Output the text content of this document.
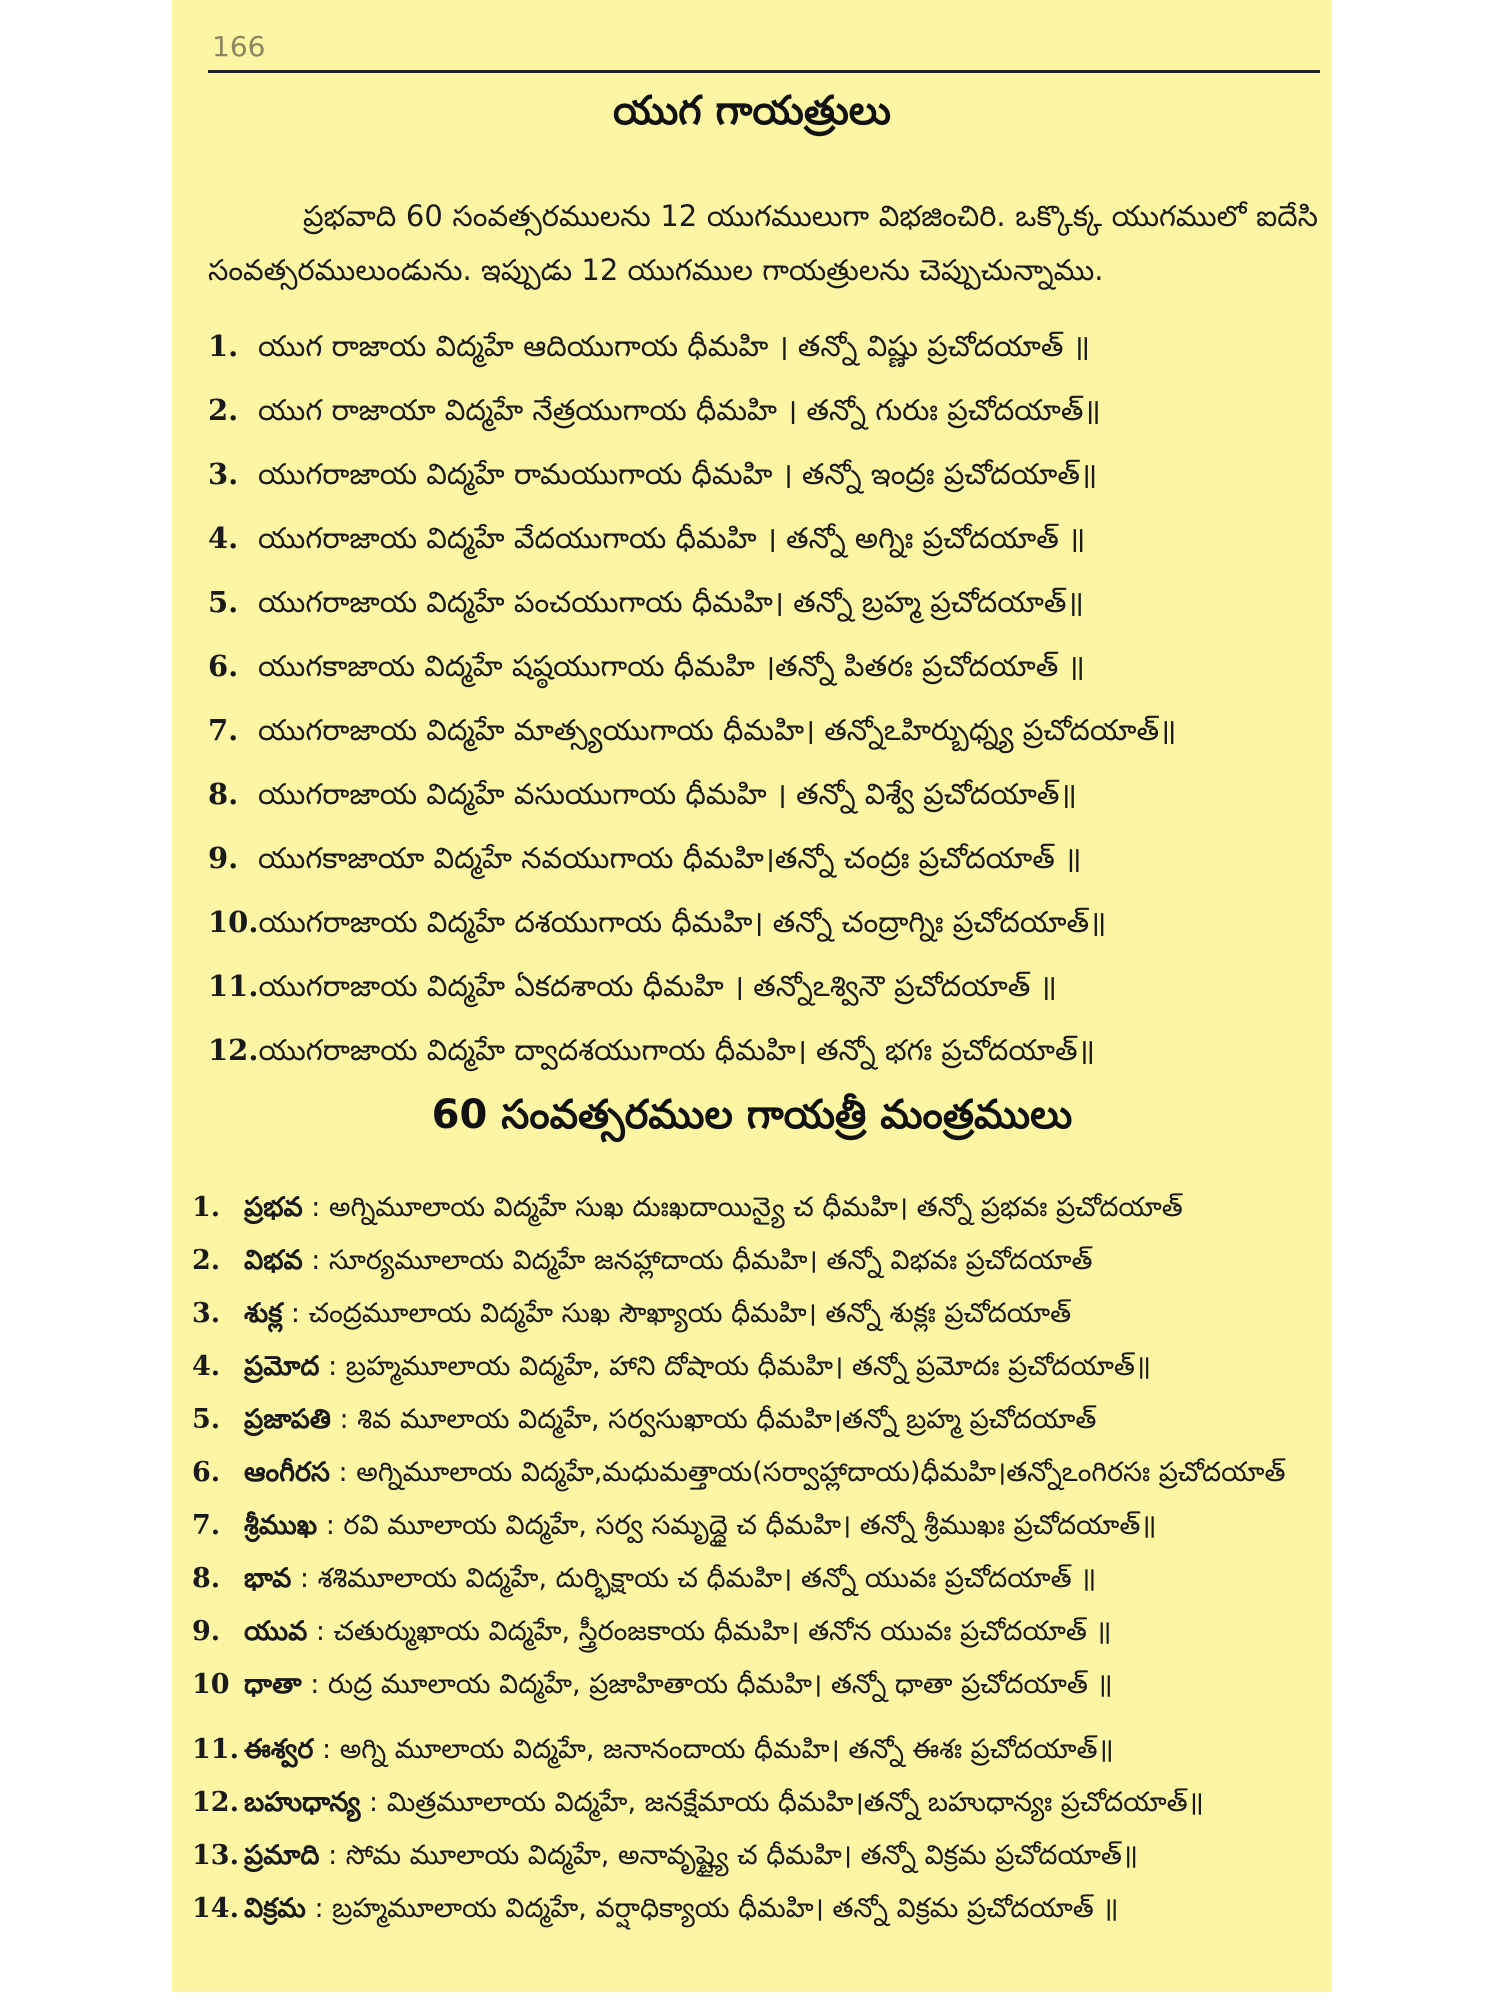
166
యుగ గాయత్రులు

ప్రభవాది 60 సంవత్సరములను 12 యుగములుగా విభజించిరి. ఒక్కొక్క యుగములో ఐదేసి సంవత్సరములుండును. ఇప్పుడు 12 యుగముల గాయత్రులను చెప్పుచున్నాము.

1. యుగ రాజాయ విద్మహే ఆదియుగాయ ధీమహి । తన్నో విష్ణు ప్రచోదయాత్ ॥
2. యుగ రాజాయా విద్మహే నేత్రయుగాయ ధీమహి । తన్నో గురుః ప్రచోదయాత్॥
3. యుగరాజాయ విద్మహే రామయుగాయ ధీమహి । తన్నో ఇంద్రః ప్రచోదయాత్॥
4. యుగరాజాయ విద్మహే వేదయుగాయ ధీమహి । తన్నో అగ్నిః ప్రచోదయాత్ ॥
5. యుగరాజాయ విద్మహే పంచయుగాయ ధీమహి। తన్నో బ్రహ్మ ప్రచోదయాత్॥
6. యుగకాజాయ విద్మహే షష్ఠయుగాయ ధీమహి ।తన్నో పితరః ప్రచోదయాత్ ॥
7. యుగరాజాయ విద్మహే మాత్స్యయుగాయ ధీమహి। తన్నోఽహిర్బుధ్న్య ప్రచోదయాత్॥
8. యుగరాజాయ విద్మహే వసుయుగాయ ధీమహి । తన్నో విశ్వే ప్రచోదయాత్॥
9. యుగకాజాయా విద్మహే నవయుగాయ ధీమహి।తన్నో చంద్రః ప్రచోదయాత్ ॥
10.యుగరాజాయ విద్మహే దశయుగాయ ధీమహి। తన్నో చంద్రాగ్నిః ప్రచోదయాత్॥
11.యుగరాజాయ విద్మహే ఏకదశాయ ధీమహి । తన్నోఽశ్వినౌ ప్రచోదయాత్ ॥
12.యుగరాజాయ విద్మహే ద్వాదశయుగాయ ధీమహి। తన్నో భగః ప్రచోదయాత్॥
60 సంవత్సరముల గాయత్రీ మంత్రములు
1. ప్రభవ : అగ్నిమూలాయ విద్మహే సుఖ దుఃఖదాయిన్యై చ ధీమహి। తన్నో ప్రభవః ప్రచోదయాత్
2. విభవ : సూర్యమూలాయ విద్మహే జనహ్లాదాయ ధీమహి। తన్నో విభవః ప్రచోదయాత్
3. శుక్ల : చంద్రమూలాయ విద్మహే సుఖ సౌఖ్యాయ ధీమహి। తన్నో శుక్లః ప్రచోదయాత్
4. ప్రమోద : బ్రహ్మమూలాయ విద్మహే, హాని దోషాయ ధీమహి। తన్నో ప్రమోదః ప్రచోదయాత్॥
5. ప్రజాపతి : శివ మూలాయ విద్మహే, సర్వసుఖాయ ధీమహి।తన్నో బ్రహ్మ ప్రచోదయాత్
6. ఆంగీరస : అగ్నిమూలాయ విద్మహే,మధుమత్తాయ(సర్వాహ్లాదాయ)ధీమహి।తన్నోఽంగిరసః ప్రచోదయాత్
7. శ్రీముఖ : రవి మూలాయ విద్మహే, సర్వ సమృద్ధై చ ధీమహి। తన్నో శ్రీముఖః ప్రచోదయాత్॥
8. భావ : శశిమూలాయ విద్మహే, దుర్భిక్షాయ చ ధీమహి। తన్నో యువః ప్రచోదయాత్ ॥
9. యువ : చతుర్ముఖాయ విద్మహే, స్త్రీరంజకాయ ధీమహి। తనోన యువః ప్రచోదయాత్ ॥
10 ధాతా : రుద్ర మూలాయ విద్మహే, ప్రజాహితాయ ధీమహి। తన్నో ధాతా ప్రచోదయాత్ ॥
11. ఈశ్వర : అగ్ని మూలాయ విద్మహే, జనానందాయ ధీమహి। తన్నో ఈశః ప్రచోదయాత్॥
12. బహుధాన్య : మిత్రమూలాయ విద్మహే, జనక్షేమాయ ధీమహి।తన్నో బహుధాన్యః ప్రచోదయాత్॥
13. ప్రమాది : సోమ మూలాయ విద్మహే, అనావృష్ట్యై చ ధీమహి। తన్నో విక్రమ ప్రచోదయాత్॥
14. విక్రమ : బ్రహ్మమూలాయ విద్మహే, వర్షాధిక్యాయ ధీమహి। తన్నో విక్రమ ప్రచోదయాత్ ॥
